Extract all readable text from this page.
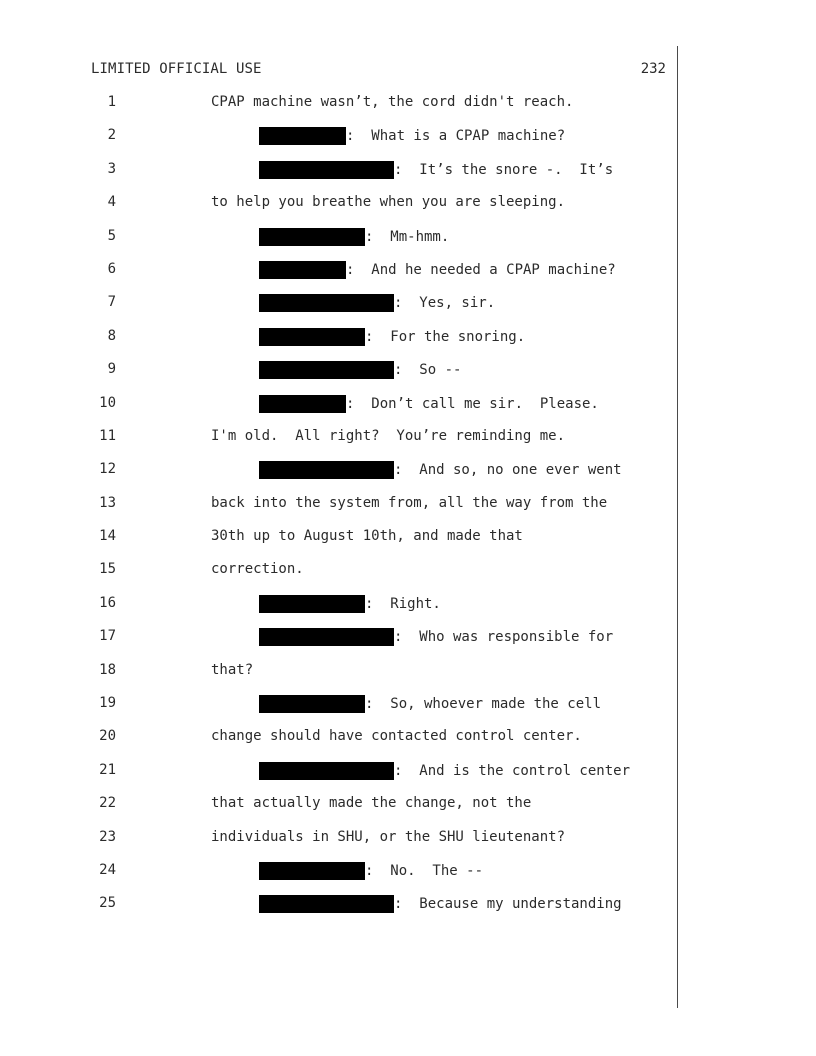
LIMITED OFFICIAL USE	232
1	CPAP machine wasn’t, the cord didn't reach.
2	:  What is a CPAP machine?
3	:  It’s the snore -.  It’s
4	to help you breathe when you are sleeping.
5	:  Mm-hmm.
6	:  And he needed a CPAP machine?
7	:  Yes, sir.
8	:  For the snoring.
9	:  So --
10	:  Don’t call me sir.  Please.
11	I'm old.  All right?  You’re reminding me.
12	:  And so, no one ever went
13	back into the system from, all the way from the
14	30th up to August 10th, and made that
15	correction.
16	:  Right.
17	:  Who was responsible for
18	that?
19	:  So, whoever made the cell
20	change should have contacted control center.
21	:  And is the control center
22	that actually made the change, not the
23	individuals in SHU, or the SHU lieutenant?
24	:  No.  The --
25	:  Because my understanding
